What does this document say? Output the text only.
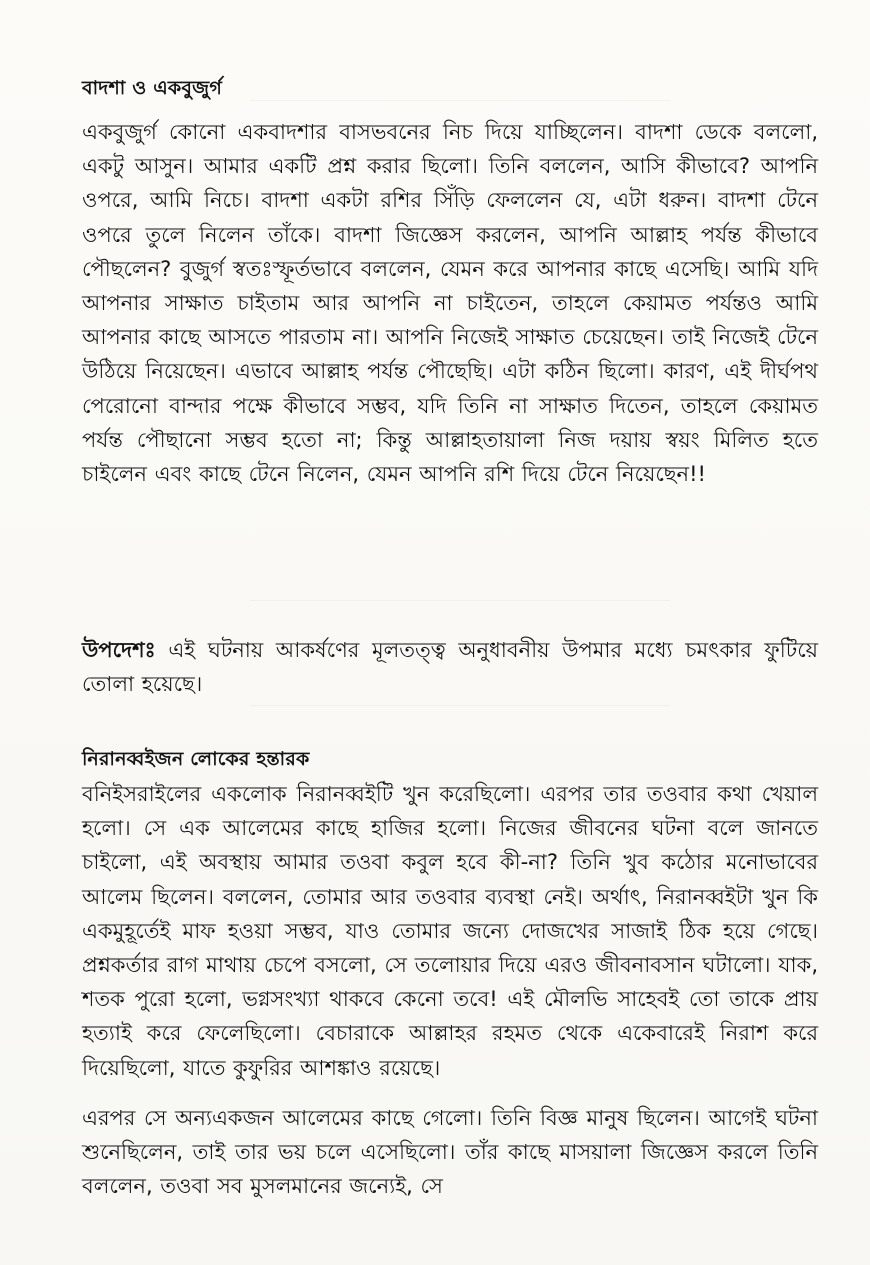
বাদশা ও একবুজুর্গ
একবুজুর্গ কোনো একবাদশার বাসভবনের নিচ দিয়ে যাচ্ছিলেন। বাদশা ডেকে বললো, একটু আসুন। আমার একটি প্রশ্ন করার ছিলো। তিনি বললেন, আসি কীভাবে? আপনি ওপরে, আমি নিচে। বাদশা একটা রশির সিঁড়ি ফেললেন যে, এটা ধরুন। বাদশা টেনে ওপরে তুলে নিলেন তাঁকে। বাদশা জিজ্ঞেস করলেন, আপনি আল্লাহ পর্যন্ত কীভাবে পৌছলেন? বুজুর্গ স্বতঃস্ফূর্তভাবে বললেন, যেমন করে আপনার কাছে এসেছি। আমি যদি আপনার সাক্ষাত চাইতাম আর আপনি না চাইতেন, তাহলে কেয়ামত পর্যন্তও আমি আপনার কাছে আসতে পারতাম না। আপনি নিজেই সাক্ষাত চেয়েছেন। তাই নিজেই টেনে উঠিয়ে নিয়েছেন। এভাবে আল্লাহ পর্যন্ত পৌছেছি। এটা কঠিন ছিলো। কারণ, এই দীর্ঘপথ পেরোনো বান্দার পক্ষে কীভাবে সম্ভব, যদি তিনি না সাক্ষাত দিতেন, তাহলে কেয়ামত পর্যন্ত পৌছানো সম্ভব হতো না; কিন্তু আল্লাহতায়ালা নিজ দয়ায় স্বয়ং মিলিত হতে চাইলেন এবং কাছে টেনে নিলেন, যেমন আপনি রশি দিয়ে টেনে নিয়েছেন!!
উপদেশঃ এই ঘটনায় আকর্ষণের মূলতত্ত্ব অনুধাবনীয় উপমার মধ্যে চমৎকার ফুটিয়ে তোলা হয়েছে।
নিরানব্বইজন লোকের হন্তারক
বনিইসরাইলের একলোক নিরানব্বইটি খুন করেছিলো। এরপর তার তওবার কথা খেয়াল হলো। সে এক আলেমের কাছে হাজির হলো। নিজের জীবনের ঘটনা বলে জানতে চাইলো, এই অবস্থায় আমার তওবা কবুল হবে কী-না? তিনি খুব কঠোর মনোভাবের আলেম ছিলেন। বললেন, তোমার আর তওবার ব্যবস্থা নেই। অর্থাৎ, নিরানব্বইটা খুন কি একমুহূর্তেই মাফ হওয়া সম্ভব, যাও তোমার জন্যে দোজখের সাজাই ঠিক হয়ে গেছে। প্রশ্নকর্তার রাগ মাথায় চেপে বসলো, সে তলোয়ার দিয়ে এরও জীবনাবসান ঘটালো। যাক, শতক পুরো হলো, ভগ্নসংখ্যা থাকবে কেনো তবে! এই মৌলভি সাহেবই তো তাকে প্রায় হত্যাই করে ফেলেছিলো। বেচারাকে আল্লাহর রহমত থেকে একেবারেই নিরাশ করে দিয়েছিলো, যাতে কুফুরির আশঙ্কাও রয়েছে।
এরপর সে অন্যএকজন আলেমের কাছে গেলো। তিনি বিজ্ঞ মানুষ ছিলেন। আগেই ঘটনা শুনেছিলেন, তাই তার ভয় চলে এসেছিলো। তাঁর কাছে মাসয়ালা জিজ্ঞেস করলে তিনি বললেন, তওবা সব মুসলমানের জন্যেই, সে
